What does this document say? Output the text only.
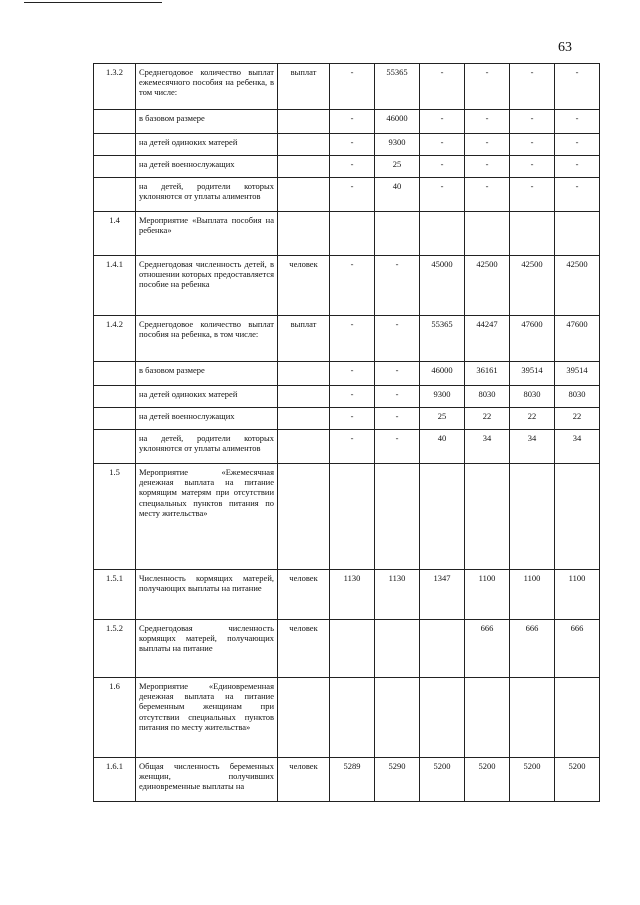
63
1.3.2	Среднегодовое количество выплат ежемесячного пособия на ребенка, в том числе:	выплат	-	55365	-	-	-	-
	в базовом размере		-	46000	-	-	-	-
	на детей одиноких матерей		-	9300	-	-	-	-
	на детей военнослужащих		-	25	-	-	-	-
	на детей, родители которых уклоняются от уплаты алиментов		-	40	-	-	-	-
1.4	Мероприятие «Выплата пособия на ребенка»							
1.4.1	Среднегодовая численность детей, в отношении которых предоставляется пособие на ребенка	человек	-	-	45000	42500	42500	42500
1.4.2	Среднегодовое количество выплат пособия на ребенка, в том числе:	выплат	-	-	55365	44247	47600	47600
	в базовом размере		-	-	46000	36161	39514	39514
	на детей одиноких матерей		-	-	9300	8030	8030	8030
	на детей военнослужащих		-	-	25	22	22	22
	на детей, родители которых уклоняются от уплаты алиментов		-	-	40	34	34	34
1.5	Мероприятие «Ежемесячная денежная выплата на питание кормящим матерям при отсутствии специальных пунктов питания по месту жительства»							
1.5.1	Численность кормящих матерей, получающих выплаты на питание	человек	1130	1130	1347	1100	1100	1100
1.5.2	Среднегодовая численность кормящих матерей, получающих выплаты на питание	человек				666	666	666
1.6	Мероприятие «Единовременная денежная выплата на питание беременным женщинам при отсутствии специальных пунктов питания по месту жительства»							
1.6.1	Общая численность беременных женщин, получивших единовременные выплаты на	человек	5289	5290	5200	5200	5200	5200
